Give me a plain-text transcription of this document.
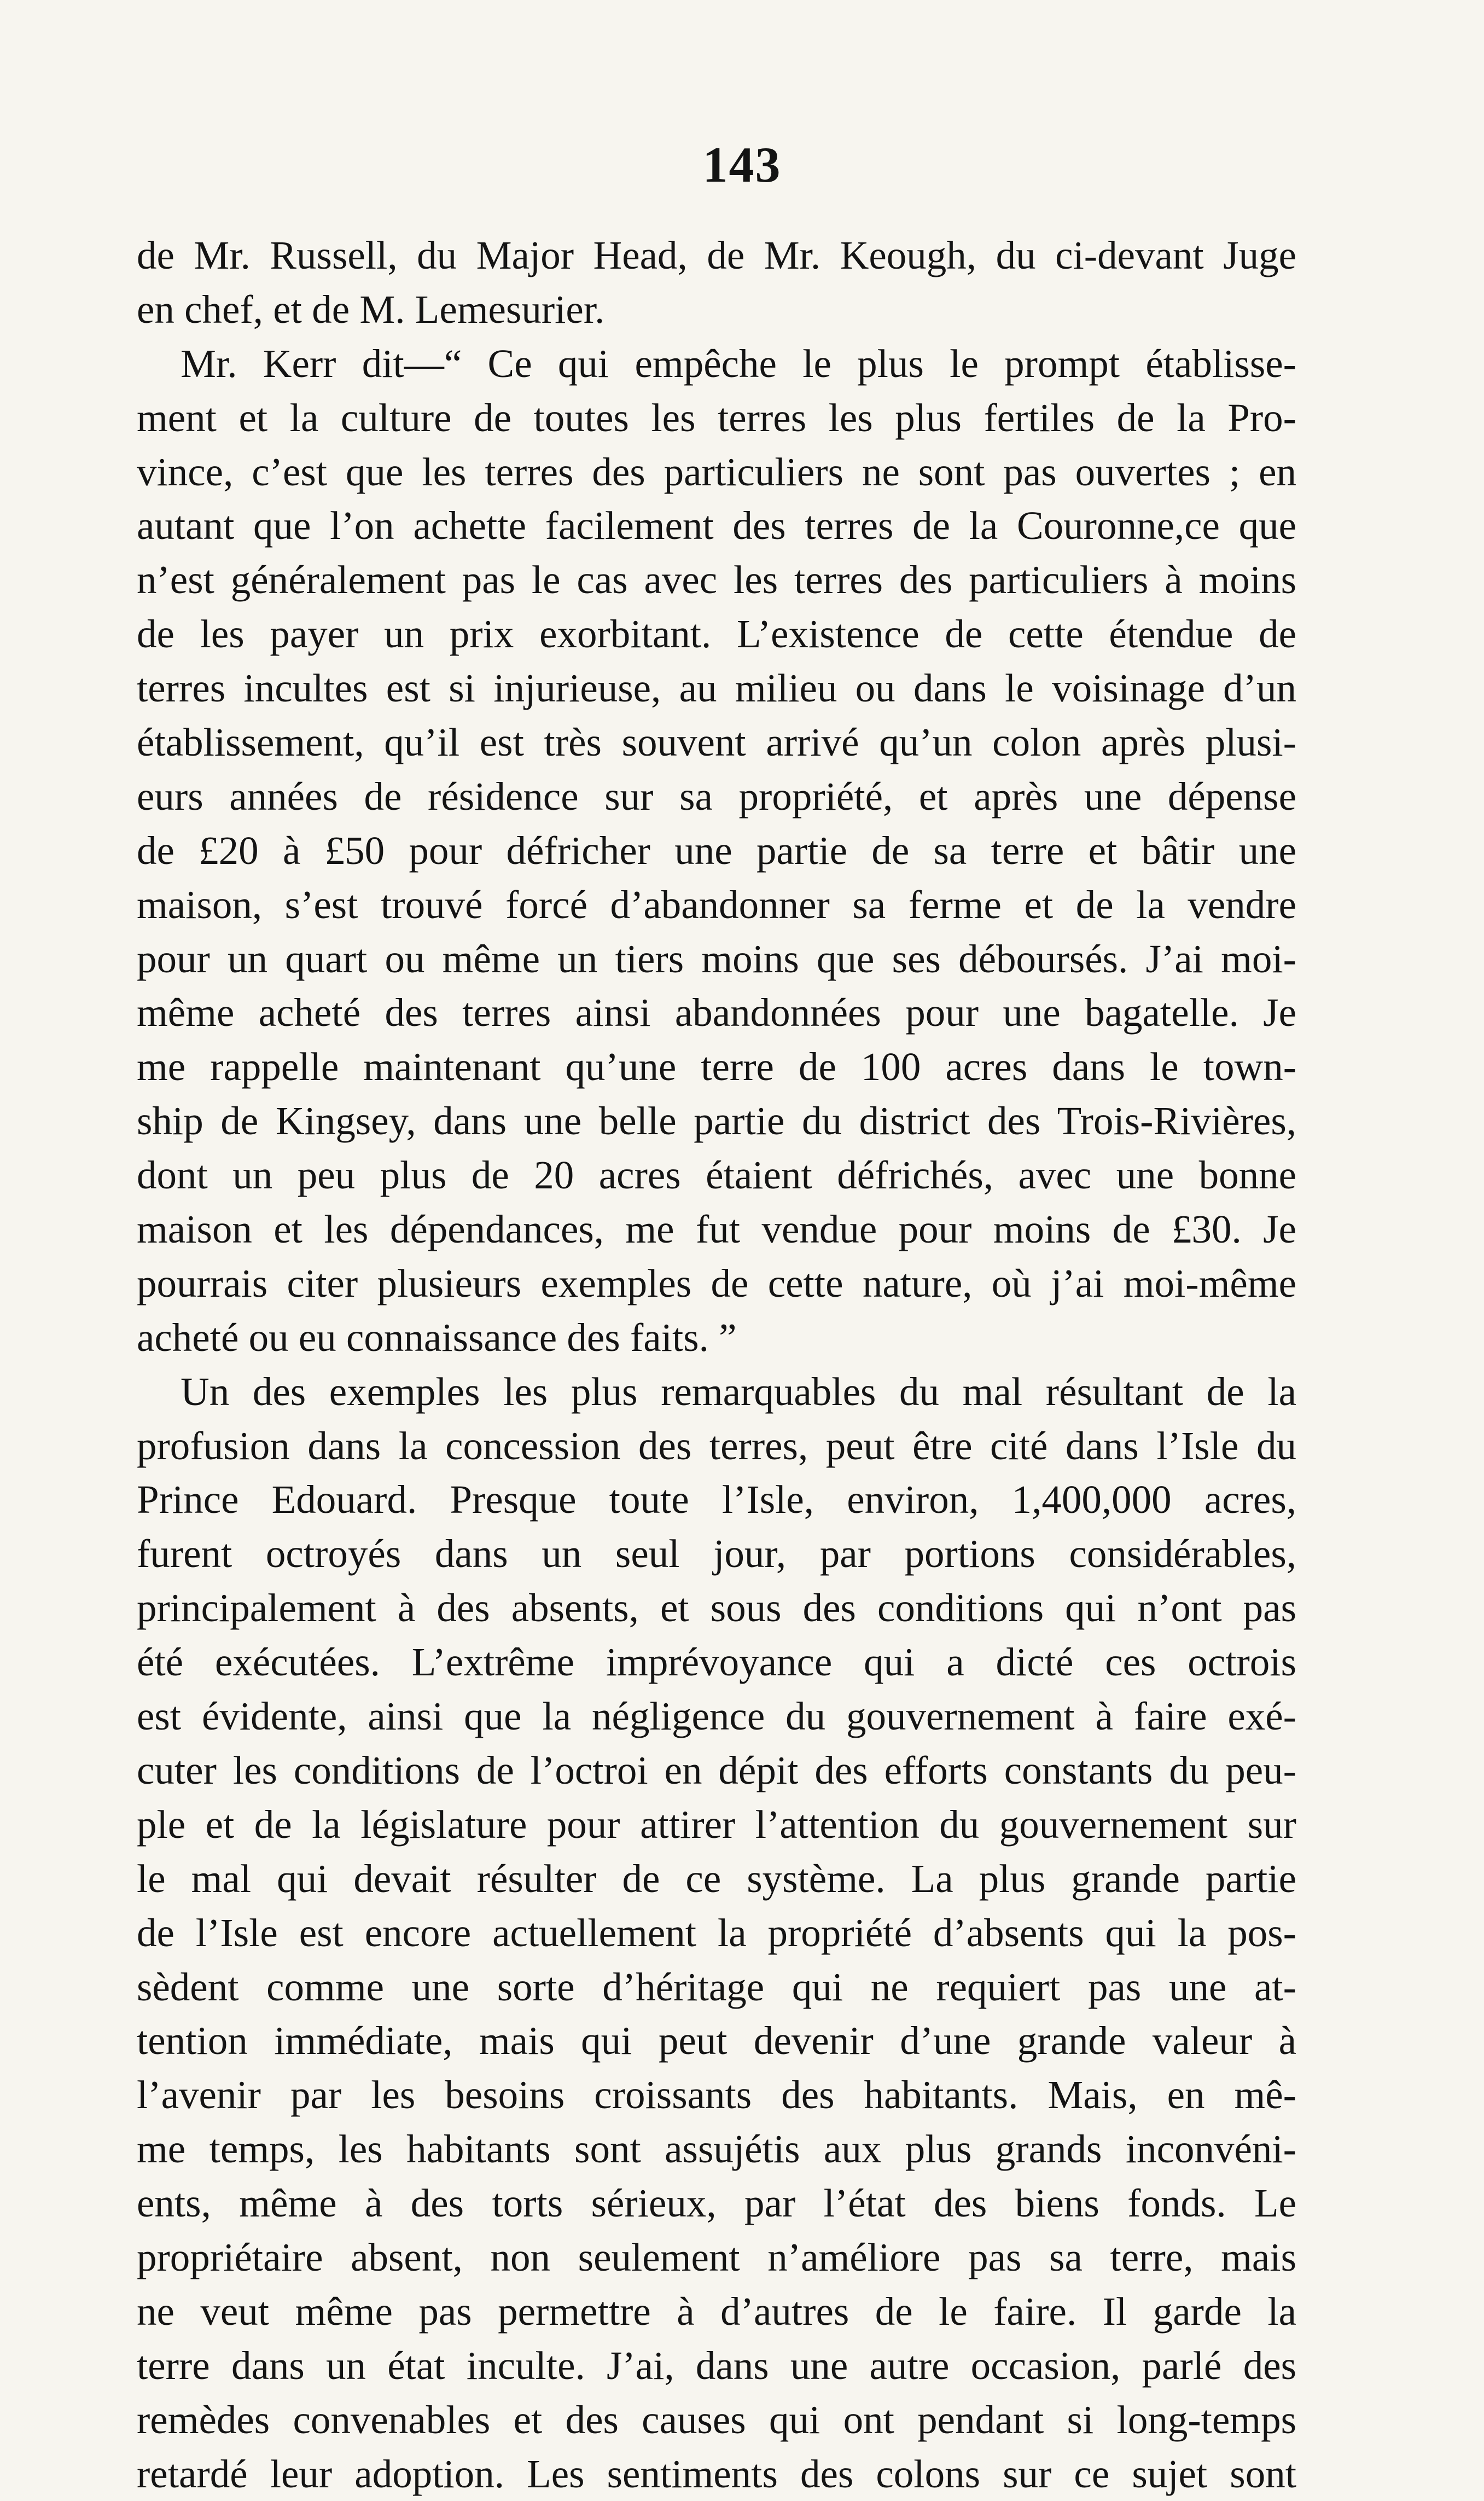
143
de Mr. Russell, du Major Head, de Mr. Keough, du ci-devant Juge
en chef, et de M. Lemesurier.
Mr. Kerr dit—“ Ce qui empêche le plus le prompt établisse-
ment et la culture de toutes les terres les plus fertiles de la Pro-
vince, c’est que les terres des particuliers ne sont pas ouvertes ; en
autant que l’on achette facilement des terres de la Couronne,ce que
n’est généralement pas le cas avec les terres des particuliers à moins
de les payer un prix exorbitant. L’existence de cette étendue de
terres incultes est si injurieuse, au milieu ou dans le voisinage d’un
établissement, qu’il est très souvent arrivé qu’un colon après plusi-
eurs années de résidence sur sa propriété, et après une dépense
de £20 à £50 pour défricher une partie de sa terre et bâtir une
maison, s’est trouvé forcé d’abandonner sa ferme et de la vendre
pour un quart ou même un tiers moins que ses déboursés. J’ai moi-
même acheté des terres ainsi abandonnées pour une bagatelle. Je
me rappelle maintenant qu’une terre de 100 acres dans le town-
ship de Kingsey, dans une belle partie du district des Trois-Rivières,
dont un peu plus de 20 acres étaient défrichés, avec une bonne
maison et les dépendances, me fut vendue pour moins de £30. Je
pourrais citer plusieurs exemples de cette nature, où j’ai moi-même
acheté ou eu connaissance des faits. ”
Un des exemples les plus remarquables du mal résultant de la
profusion dans la concession des terres, peut être cité dans l’Isle du
Prince Edouard. Presque toute l’Isle, environ, 1,400,000 acres,
furent octroyés dans un seul jour, par portions considérables,
principalement à des absents, et sous des conditions qui n’ont pas
été exécutées. L’extrême imprévoyance qui a dicté ces octrois
est évidente, ainsi que la négligence du gouvernement à faire exé-
cuter les conditions de l’octroi en dépit des efforts constants du peu-
ple et de la législature pour attirer l’attention du gouvernement sur
le mal qui devait résulter de ce système. La plus grande partie
de l’Isle est encore actuellement la propriété d’absents qui la pos-
sèdent comme une sorte d’héritage qui ne requiert pas une at-
tention immédiate, mais qui peut devenir d’une grande valeur à
l’avenir par les besoins croissants des habitants. Mais, en mê-
me temps, les habitants sont assujétis aux plus grands inconvéni-
ents, même à des torts sérieux, par l’état des biens fonds. Le
propriétaire absent, non seulement n’améliore pas sa terre, mais
ne veut même pas permettre à d’autres de le faire. Il garde la
terre dans un état inculte. J’ai, dans une autre occasion, parlé des
remèdes convenables et des causes qui ont pendant si long-temps
retardé leur adoption. Les sentiments des colons sur ce sujet sont
